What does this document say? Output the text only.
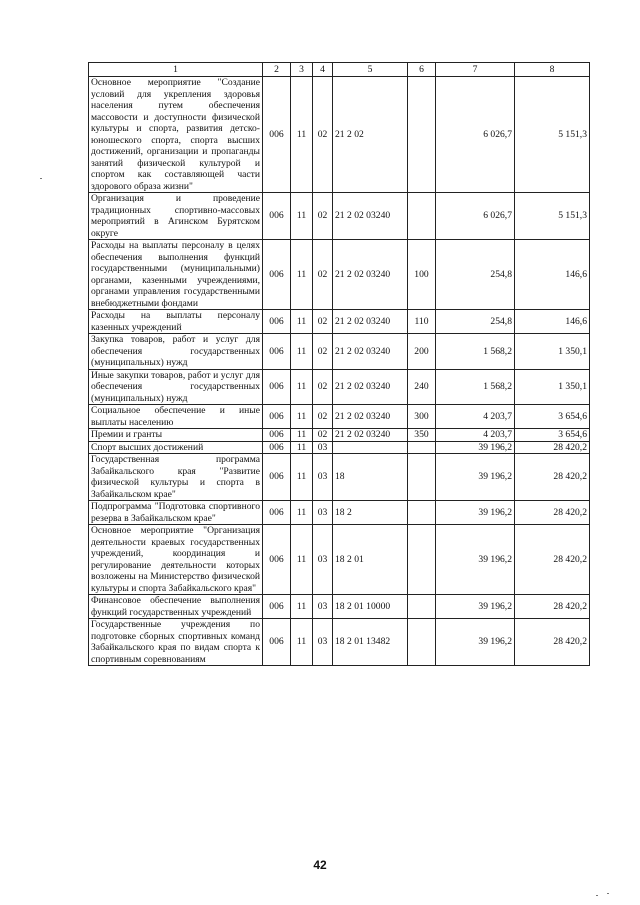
1	2	3	4	5	6	7	8
Основное мероприятие "Создание условий для укрепления здоровья населения путем обеспечения массовости и доступности физической культуры и спорта, развития детско-юношеского спорта, спорта высших достижений, организации и пропаганды занятий физической культурой и спортом как составляющей части здорового образа жизни"	006	11	02	21 2 02		6 026,7	5 151,3
Организация и проведение традиционных спортивно-массовых мероприятий в Агинском Бурятском округе	006	11	02	21 2 02 03240		6 026,7	5 151,3
Расходы на выплаты персоналу в целях обеспечения выполнения функций государственными (муниципальными) органами, казенными учреждениями, органами управления государственными внебюджетными фондами	006	11	02	21 2 02 03240	100	254,8	146,6
Расходы на выплаты персоналу казенных учреждений	006	11	02	21 2 02 03240	110	254,8	146,6
Закупка товаров, работ и услуг для обеспечения государственных (муниципальных) нужд	006	11	02	21 2 02 03240	200	1 568,2	1 350,1
Иные закупки товаров, работ и услуг для обеспечения государственных (муниципальных) нужд	006	11	02	21 2 02 03240	240	1 568,2	1 350,1
Социальное обеспечение и иные выплаты населению	006	11	02	21 2 02 03240	300	4 203,7	3 654,6
Премии и гранты	006	11	02	21 2 02 03240	350	4 203,7	3 654,6
Спорт высших достижений	006	11	03			39 196,2	28 420,2
Государственная программа Забайкальского края "Развитие физической культуры и спорта в Забайкальском крае"	006	11	03	18		39 196,2	28 420,2
Подпрограмма "Подготовка спортивного резерва в Забайкальском крае"	006	11	03	18 2		39 196,2	28 420,2
Основное мероприятие "Организация деятельности краевых государственных учреждений, координация и регулирование деятельности которых возложены на Министерство физической культуры и спорта Забайкальского края"	006	11	03	18 2 01		39 196,2	28 420,2
Финансовое обеспечение выполнения функций государственных учреждений	006	11	03	18 2 01 10000		39 196,2	28 420,2
Государственные учреждения по подготовке сборных спортивных команд Забайкальского края по видам спорта к спортивным соревнованиям	006	11	03	18 2 01 13482		39 196,2	28 420,2
42
